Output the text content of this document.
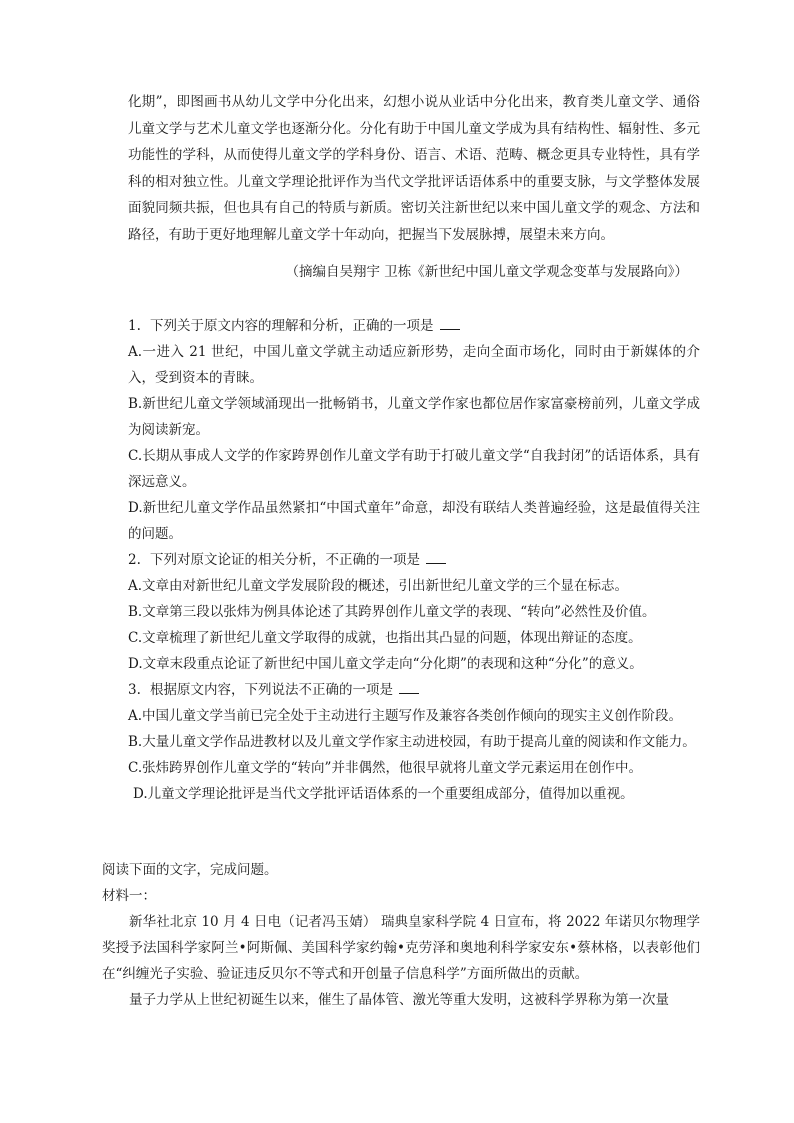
化期”，即图画书从幼儿文学中分化出来，幻想小说从业话中分化出来，教育类儿童文学、通俗儿童文学与艺术儿童文学也逐渐分化。分化有助于中国儿童文学成为具有结构性、辐射性、多元功能性的学科，从而使得儿童文学的学科身份、语言、术语、范畴、概念更具专业特性，具有学科的相对独立性。儿童文学理论批评作为当代文学批评话语体系中的重要支脉，与文学整体发展面貌同频共振，但也具有自己的特质与新质。密切关注新世纪以来中国儿童文学的观念、方法和路径，有助于更好地理解儿童文学十年动向，把握当下发展脉搏，展望未来方向。

（摘编自吴翔宇 卫栋《新世纪中国儿童文学观念变革与发展路向》）

1. 下列关于原文内容的理解和分析，正确的一项是

A.一进入 21 世纪，中国儿童文学就主动适应新形势，走向全面市场化，同时由于新媒体的介入，受到资本的青睐。

B.新世纪儿童文学领域涌现出一批畅销书，儿童文学作家也都位居作家富豪榜前列，儿童文学成为阅读新宠。

C.长期从事成人文学的作家跨界创作儿童文学有助于打破儿童文学“自我封闭”的话语体系，具有深远意义。

D.新世纪儿童文学作品虽然紧扣“中国式童年”命意，却没有联结人类普遍经验，这是最值得关注的问题。

2. 下列对原文论证的相关分析，不正确的一项是

A.文章由对新世纪儿童文学发展阶段的概述，引出新世纪儿童文学的三个显在标志。

B.文章第三段以张炜为例具体论述了其跨界创作儿童文学的表现、“转向”必然性及价值。

C.文章梳理了新世纪儿童文学取得的成就，也指出其凸显的问题，体现出辩证的态度。

D.文章末段重点论证了新世纪中国儿童文学走向“分化期”的表现和这种“分化”的意义。

3. 根据原文内容，下列说法不正确的一项是

A.中国儿童文学当前已完全处于主动进行主题写作及兼容各类创作倾向的现实主义创作阶段。

B.大量儿童文学作品进教材以及儿童文学作家主动进校园，有助于提高儿童的阅读和作文能力。

C.张炜跨界创作儿童文学的“转向”并非偶然，他很早就将儿童文学元素运用在创作中。

D.儿童文学理论批评是当代文学批评话语体系的一个重要组成部分，值得加以重视。

阅读下面的文字，完成问题。

材料一：

新华社北京 10 月 4 日电（记者冯玉婧） 瑞典皇家科学院 4 日宣布，将 2022 年诺贝尔物理学奖授予法国科学家阿兰•阿斯佩、美国科学家约翰•克劳泽和奥地利科学家安东•蔡林格，以表彰他们在“纠缠光子实验、验证违反贝尔不等式和开创量子信息科学”方面所做出的贡献。

量子力学从上世纪初诞生以来，催生了晶体管、激光等重大发明，这被科学界称为第一次量
